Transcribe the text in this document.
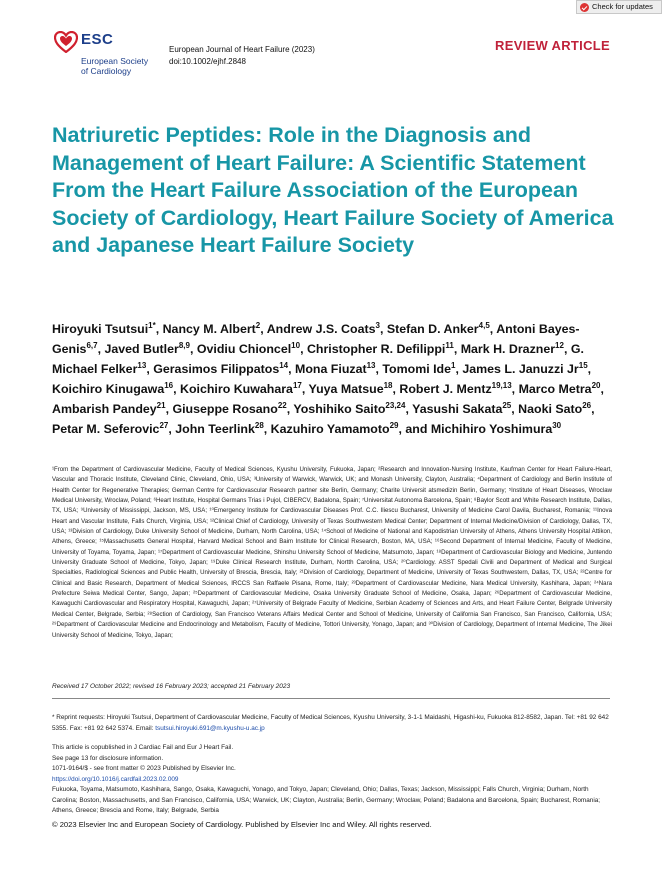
Check for updates
ESC
European Society
of Cardiology
European Journal of Heart Failure (2023)
doi:10.1002/ejhf.2848
REVIEW ARTICLE
Natriuretic Peptides: Role in the Diagnosis and Management of Heart Failure: A Scientific Statement From the Heart Failure Association of the European Society of Cardiology, Heart Failure Society of America and Japanese Heart Failure Society
Hiroyuki Tsutsui$^{1*}$, Nancy M. Albert$^2$, Andrew J.S. Coats$^3$, Stefan D. Anker$^{4,5}$, Antoni Bayes-Genis$^{6,7}$, Javed Butler$^{8,9}$, Ovidiu Chioncel$^{10}$, Christopher R. Defilippi$^{11}$, Mark H. Drazner$^{12}$, G. Michael Felker$^{13}$, Gerasimos Filippatos$^{14}$, Mona Fiuzat$^{13}$, Tomomi Ide$^1$, James L. Januzzi Jr$^{15}$, Koichiro Kinugawa$^{16}$, Koichiro Kuwahara$^{17}$, Yuya Matsue$^{18}$, Robert J. Mentz$^{19,13}$, Marco Metra$^{20}$, Ambarish Pandey$^{21}$, Giuseppe Rosano$^{22}$, Yoshihiko Saito$^{23,24}$, Yasushi Sakata$^{25}$, Naoki Sato$^{26}$, Petar M. Seferovic$^{27}$, John Teerlink$^{28}$, Kazuhiro Yamamoto$^{29}$, and Michihiro Yoshimura$^{30}$
¹From the Department of Cardiovascular Medicine, Faculty of Medical Sciences, Kyushu University, Fukuoka, Japan; ²Research and Innovation-Nursing Institute, Kaufman Center for Heart Failure-Heart, Vascular and Thoracic Institute, Cleveland Clinic, Cleveland, Ohio, USA; ³University of Warwick, Warwick, UK; and Monash University, Clayton, Australia; ⁴Department of Cardiology and Berlin Institute of Health Center for Regenerative Therapies; German Centre for Cardiovascular Research partner site Berlin, Germany; Charite Universit atsmedizin Berlin, Germany; ⁵Institute of Heart Diseases, Wroclaw Medical University, Wroclaw, Poland; ⁶Heart Institute, Hospital Germans Trias i Pujol, CIBERCV, Badalona, Spain; ⁷Universitat Autonoma Barcelona, Spain; ⁸Baylor Scott and White Research Institute, Dallas, TX, USA; ⁹University of Mississippi, Jackson, MS, USA; ¹⁰Emergency Institute for Cardiovascular Diseases Prof. C.C. Iliescu Bucharest, University of Medicine Carol Davila, Bucharest, Romania; ¹¹Inova Heart and Vascular Institute, Falls Church, Virginia, USA; ¹²Clinical Chief of Cardiology, University of Texas Southwestern Medical Center; Department of Internal Medicine/Division of Cardiology, Dallas, TX, USA; ¹³Division of Cardiology, Duke University School of Medicine, Durham, North Carolina, USA; ¹⁴School of Medicine of National and Kapodistrian University of Athens, Athens University Hospital Attikon, Athens, Greece; ¹⁵Massachusetts General Hospital, Harvard Medical School and Baim Institute for Clinical Research, Boston, MA, USA; ¹⁶Second Department of Internal Medicine, Faculty of Medicine, University of Toyama, Toyama, Japan; ¹⁷Department of Cardiovascular Medicine, Shinshu University School of Medicine, Matsumoto, Japan; ¹⁸Department of Cardiovascular Biology and Medicine, Juntendo University Graduate School of Medicine, Tokyo, Japan; ¹⁹Duke Clinical Research Institute, Durham, Nortth Carolina, USA; ²⁰Cardiology. ASST Spedali Civili and Department of Medical and Surgical Specialties, Radiological Sciences and Public Health, University of Brescia, Brescia, Italy; ²¹Division of Cardiology, Department of Medicine, University of Texas Southwestern, Dallas, TX, USA; ²²Centre for Clinical and Basic Research, Department of Medical Sciences, IRCCS San Raffaele Pisana, Rome, Italy; ²³Department of Cardiovascular Medicine, Nara Medical University, Kashihara, Japan; ²⁴Nara Prefecture Seiwa Medical Center, Sango, Japan; ²⁵Department of Cardiovascular Medicine, Osaka University Graduate School of Medicine, Osaka, Japan; ²⁶Department of Cardiovascular Medicine, Kawaguchi Cardiovascular and Respiratory Hospital, Kawaguchi, Japan; ²⁷University of Belgrade Faculty of Medicine, Serbian Academy of Sciences and Arts, and Heart Failure Center, Belgrade University Medical Center, Belgrade, Serbia; ²⁸Section of Cardiology, San Francisco Veterans Affairs Medical Center and School of Medicine, University of California San Francisco, San Francisco, California, USA; ²⁹Department of Cardiovascular Medicine and Endocrinology and Metabolism, Faculty of Medicine, Tottori University, Yonago, Japan; and ³⁰Division of Cardiology, Department of Internal Medicine, The Jikei University School of Medicine, Tokyo, Japan;
Received 17 October 2022; revised 16 February 2023; accepted 21 February 2023
* Reprint requests: Hiroyuki Tsutsui, Department of Cardiovascular Medicine, Faculty of Medical Sciences, Kyushu University, 3-1-1 Maidashi, Higashi-ku, Fukuoka 812-8582, Japan. Tel: +81 92 642 5355. Fax: +81 92 642 5374. Email: tsutsui.hiroyuki.691@m.kyushu-u.ac.jp
This article is copublished in J Cardiac Fail and Eur J Heart Fail.
See page 13 for disclosure information.
1071-9164/$ - see front matter © 2023 Published by Elsevier Inc.
https://doi.org/10.1016/j.cardfail.2023.02.009
Fukuoka, Toyama, Matsumoto, Kashihara, Sango, Osaka, Kawaguchi, Yonago, and Tokyo, Japan; Cleveland, Ohio; Dallas, Texas; Jackson, Mississippi; Falls Church, Virginia; Durham, North Carolina; Boston, Massachusetts, and San Francisco, California, USA; Warwick, UK; Clayton, Australia; Berlin, Germany; Wroclaw, Poland; Badalona and Barcelona, Spain; Bucharest, Romania; Athens, Greece; Brescia and Rome, Italy; Belgrade, Serbia
© 2023 Elsevier Inc and European Society of Cardiology. Published by Elsevier Inc and Wiley. All rights reserved.
